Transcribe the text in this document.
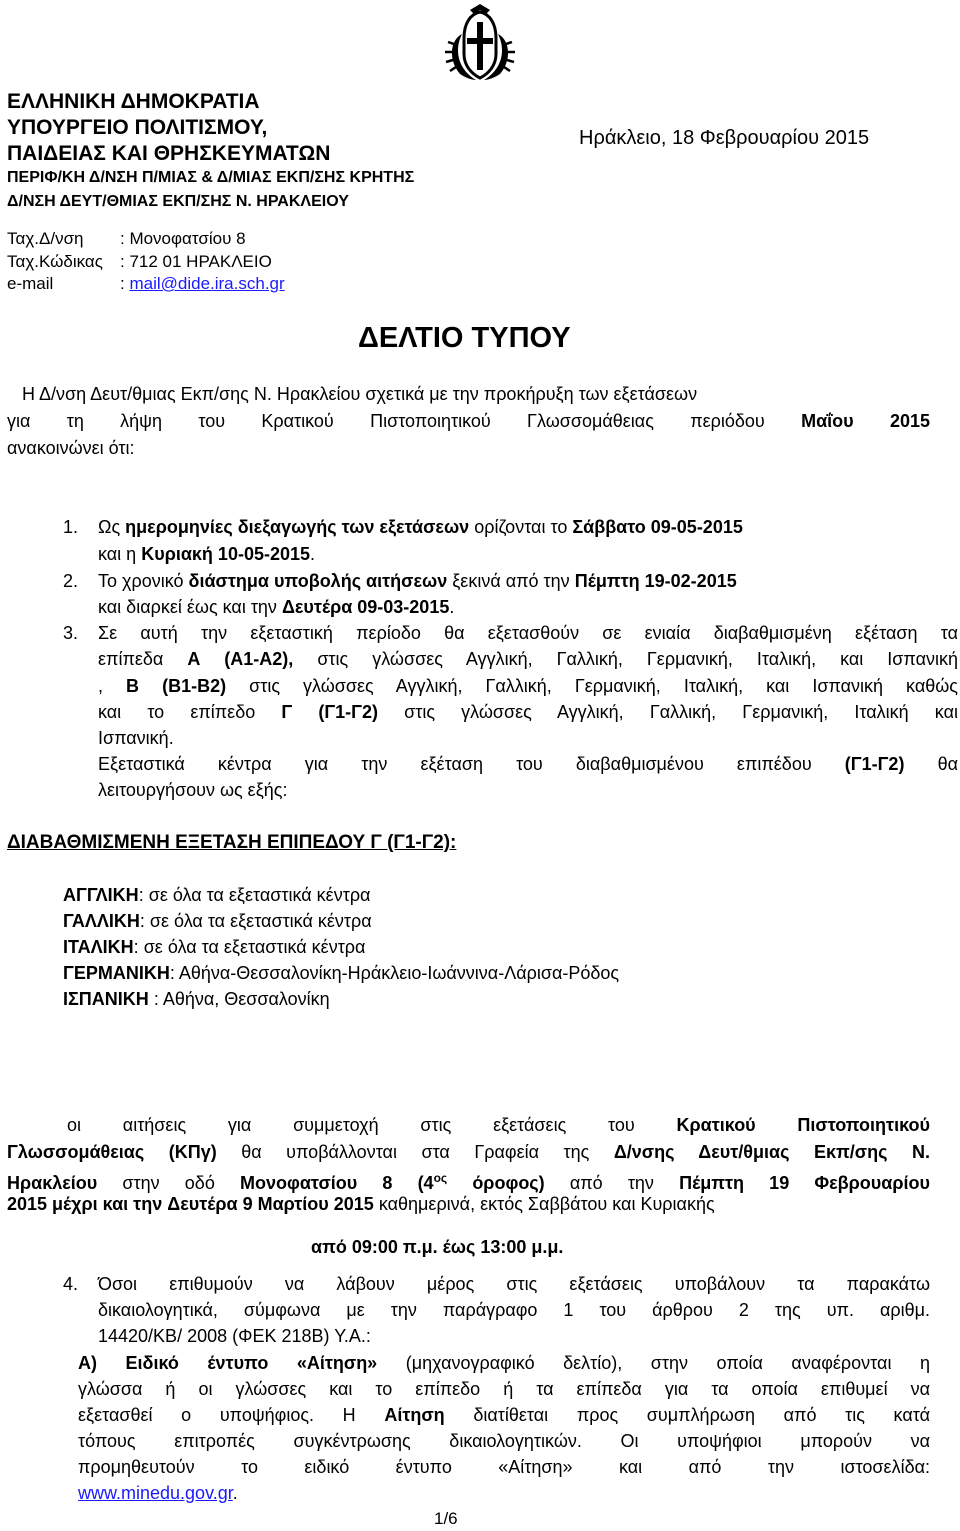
ΕΛΛΗΝΙΚΗ ΔΗΜΟΚΡΑΤΙΑ
ΥΠΟΥΡΓΕΙΟ ΠΟΛΙΤΙΣΜΟΥ,
ΠΑΙΔΕΙΑΣ ΚΑΙ ΘΡΗΣΚΕΥΜΑΤΩΝ
ΠΕΡΙΦ/ΚΗ Δ/ΝΣΗ Π/ΜΙΑΣ & Δ/ΜΙΑΣ ΕΚΠ/ΣΗΣ ΚΡΗΤΗΣ
Δ/ΝΣΗ ΔΕΥΤ/ΘΜΙΑΣ ΕΚΠ/ΣΗΣ Ν. ΗΡΑΚΛΕΙΟΥ
Ηράκλειο, 18 Φεβρουαρίου 2015
Ταχ.Δ/νση : Μονοφατσίου 8
Ταχ.Κώδικας : 712 01 ΗΡΑΚΛΕΙΟ
e-mail	: mail@dide.ira.sch.gr
ΔΕΛΤΙΟ ΤΥΠΟΥ
Η Δ/νση Δευτ/θμιας Εκπ/σης Ν. Ηρακλείου σχετικά με την προκήρυξη των εξετάσεων
για τη λήψη του Κρατικού Πιστοποιητικού Γλωσσομάθειας περιόδου Μαΐου 2015
ανακοινώνει ότι:
1. Ως ημερομηνίες διεξαγωγής των εξετάσεων ορίζονται το Σάββατο 09-05-2015
και η Κυριακή 10-05-2015.
2. Το χρονικό διάστημα υποβολής αιτήσεων ξεκινά από την Πέμπτη 19-02-2015
και διαρκεί έως και την Δευτέρα 09-03-2015.
3. Σε αυτή την εξεταστική περίοδο θα εξετασθούν σε ενιαία διαβαθμισμένη εξέταση τα
επίπεδα Α (Α1-Α2), στις γλώσσες Αγγλική, Γαλλική, Γερμανική, Ιταλική, και Ισπανική
, Β (Β1-Β2) στις γλώσσες Αγγλική, Γαλλική, Γερμανική, Ιταλική, και Ισπανική καθώς
και το επίπεδο Γ (Γ1-Γ2) στις γλώσσες Αγγλική, Γαλλική, Γερμανική, Ιταλική και
Ισπανική.
Εξεταστικά κέντρα για την εξέταση του διαβαθμισμένου επιπέδου (Γ1-Γ2) θα
λειτουργήσουν ως εξής:
ΔΙΑΒΑΘΜΙΣΜΕΝΗ ΕΞΕΤΑΣΗ ΕΠΙΠΕΔΟΥ Γ (Γ1-Γ2):
ΑΓΓΛΙΚΗ: σε όλα τα εξεταστικά κέντρα
ΓΑΛΛΙΚΗ: σε όλα τα εξεταστικά κέντρα
ΙΤΑΛΙΚΗ: σε όλα τα εξεταστικά κέντρα
ΓΕΡΜΑΝΙΚΗ: Αθήνα-Θεσσαλονίκη-Ηράκλειο-Ιωάννινα-Λάρισα-Ρόδος
ΙΣΠΑΝΙΚΗ : Αθήνα, Θεσσαλονίκη
οι αιτήσεις για συμμετοχή στις εξετάσεις του Κρατικού Πιστοποιητικού
Γλωσσομάθειας (ΚΠγ) θα υποβάλλονται στα Γραφεία της Δ/νσης Δευτ/θμιας Εκπ/σης Ν.
Ηρακλείου στην οδό Μονοφατσίου 8 ($4^{o\varsigma}$ όροφος) από την Πέμπτη 19 Φεβρουαρίου
2015 μέχρι και την Δευτέρα 9 Μαρτίου 2015 καθημερινά, εκτός Σαββάτου και Κυριακής
από 09:00 π.μ. έως 13:00 μ.μ.
4. Όσοι επιθυμούν να λάβουν μέρος στις εξετάσεις υποβάλουν τα παρακάτω
δικαιολογητικά, σύμφωνα με την παράγραφο 1 του άρθρου 2 της υπ. αριθμ.
14420/ΚΒ/ 2008 (ΦΕΚ 218Β) Υ.Α.:
Α) Ειδικό έντυπο «Αίτηση» (μηχανογραφικό δελτίο), στην οποία αναφέρονται η
γλώσσα ή οι γλώσσες και το επίπεδο ή τα επίπεδα για τα οποία επιθυμεί να
εξετασθεί ο υποψήφιος. Η Αίτηση διατίθεται προς συμπλήρωση από τις κατά
τόπους επιτροπές συγκέντρωσης δικαιολογητικών. Οι υποψήφιοι μπορούν να
προμηθευτούν το ειδικό έντυπο «Αίτηση» και από την ιστοσελίδα:
www.minedu.gov.gr.
1/6
